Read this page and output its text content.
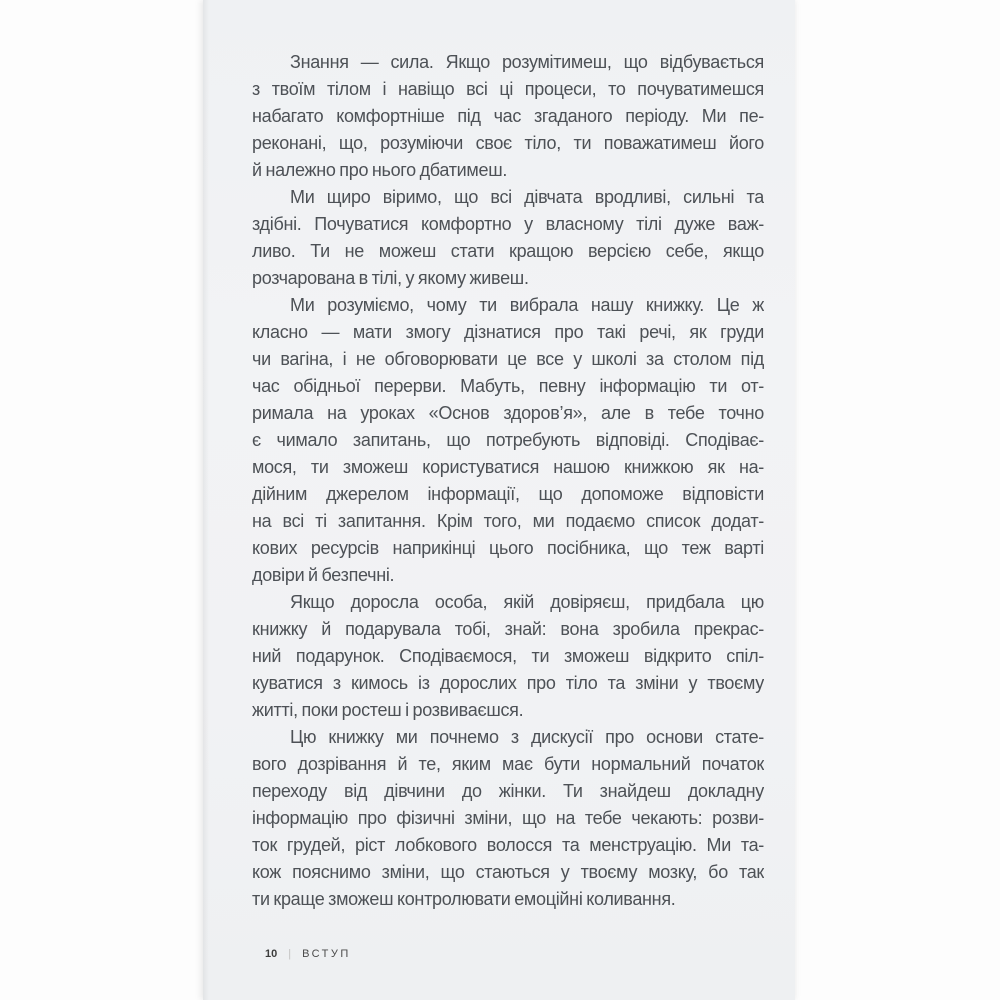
Знання — сила. Якщо розумітимеш, що відбувається
з твоїм тілом і навіщо всі ці процеси, то почуватимешся
набагато комфортніше під час згаданого періоду. Ми пе-
реконані, що, розуміючи своє тіло, ти поважатимеш його
й належно про нього дбатимеш.
Ми щиро віримо, що всі дівчата вродливі, сильні та
здібні. Почуватися комфортно у власному тілі дуже важ-
ливо. Ти не можеш стати кращою версією себе, якщо
розчарована в тілі, у якому живеш.
Ми розуміємо, чому ти вибрала нашу книжку. Це ж
класно — мати змогу дізнатися про такі речі, як груди
чи вагіна, і не обговорювати це все у школі за столом під
час обідньої перерви. Мабуть, певну інформацію ти от-
римала на уроках «Основ здоров’я», але в тебе точно
є чимало запитань, що потребують відповіді. Сподіває-
мося, ти зможеш користуватися нашою книжкою як на-
дійним джерелом інформації, що допоможе відповісти
на всі ті запитання. Крім того, ми подаємо список додат-
кових ресурсів наприкінці цього посібника, що теж варті
довіри й безпечні.
Якщо доросла особа, якій довіряєш, придбала цю
книжку й подарувала тобі, знай: вона зробила прекрас-
ний подарунок. Сподіваємося, ти зможеш відкрито спіл-
куватися з кимось із дорослих про тіло та зміни у твоєму
житті, поки ростеш і розвиваєшся.
Цю книжку ми почнемо з дискусії про основи стате-
вого дозрівання й те, яким має бути нормальний початок
переходу від дівчини до жінки. Ти знайдеш докладну
інформацію про фізичні зміни, що на тебе чекають: розви-
ток грудей, ріст лобкового волосся та менструацію. Ми та-
кож пояснимо зміни, що стаються у твоєму мозку, бо так
ти краще зможеш контролювати емоційні коливання.
10 | ВСТУП
